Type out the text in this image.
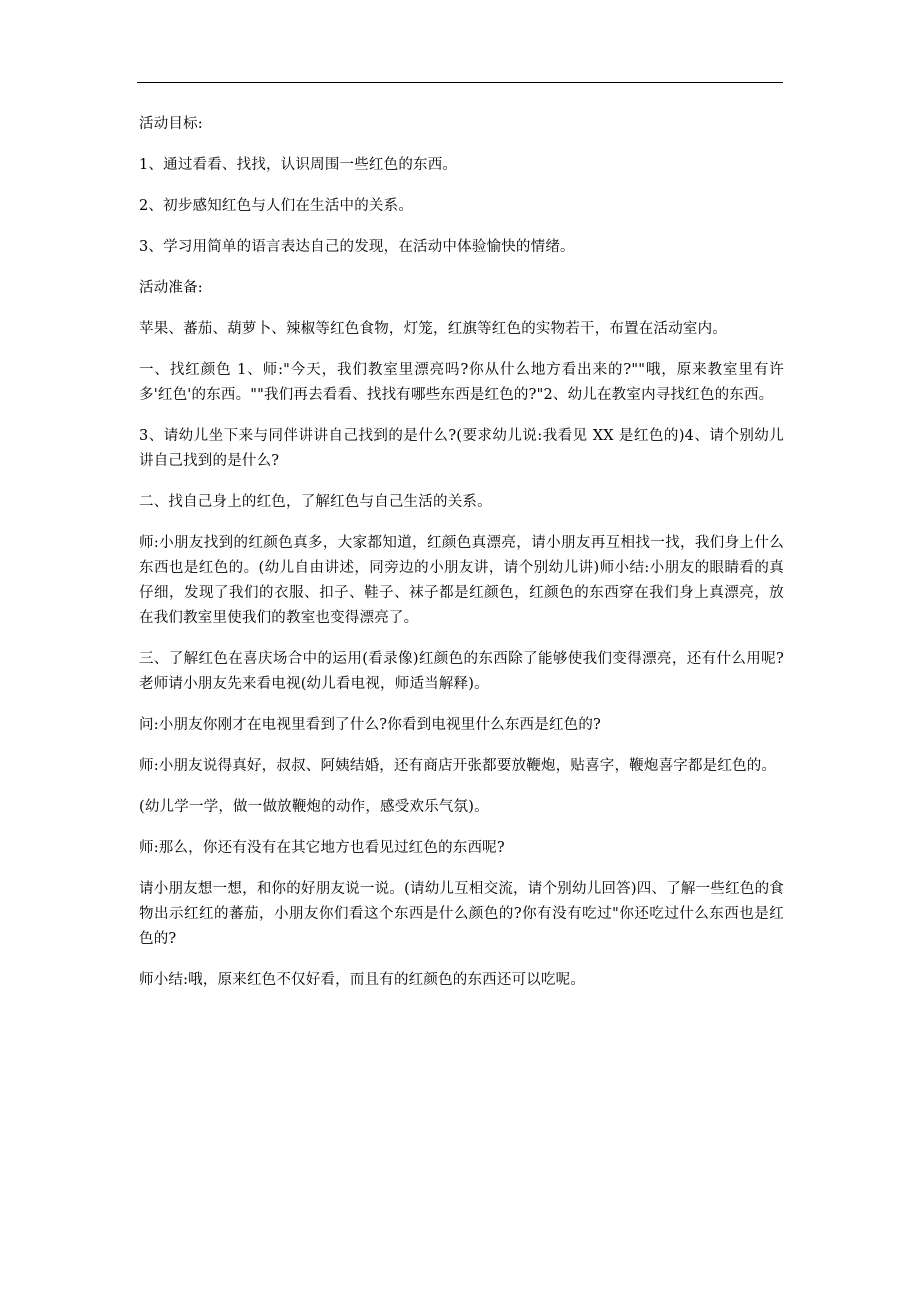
活动目标:

1、通过看看、找找，认识周围一些红色的东西。

2、初步感知红色与人们在生活中的关系。

3、学习用简单的语言表达自己的发现，在活动中体验愉快的情绪。

活动准备:

苹果、蕃茄、葫萝卜、辣椒等红色食物，灯笼，红旗等红色的实物若干，布置在活动室内。

一、找红颜色 1、师:"今天，我们教室里漂亮吗?你从什么地方看出来的?""哦，原来教室里有许多'红色'的东西。""我们再去看看、找找有哪些东西是红色的?"2、幼儿在教室内寻找红色的东西。

3、请幼儿坐下来与同伴讲讲自己找到的是什么?(要求幼儿说:我看见 XX 是红色的)4、请个别幼儿讲自己找到的是什么?

二、找自己身上的红色，了解红色与自己生活的关系。

师:小朋友找到的红颜色真多，大家都知道，红颜色真漂亮，请小朋友再互相找一找，我们身上什么东西也是红色的。(幼儿自由讲述，同旁边的小朋友讲，请个别幼儿讲)师小结:小朋友的眼睛看的真仔细，发现了我们的衣服、扣子、鞋子、袜子都是红颜色，红颜色的东西穿在我们身上真漂亮，放在我们教室里使我们的教室也变得漂亮了。

三、了解红色在喜庆场合中的运用(看录像)红颜色的东西除了能够使我们变得漂亮，还有什么用呢?老师请小朋友先来看电视(幼儿看电视，师适当解释)。

问:小朋友你刚才在电视里看到了什么?你看到电视里什么东西是红色的?

师:小朋友说得真好，叔叔、阿姨结婚，还有商店开张都要放鞭炮，贴喜字，鞭炮喜字都是红色的。

(幼儿学一学，做一做放鞭炮的动作，感受欢乐气氛)。

师:那么，你还有没有在其它地方也看见过红色的东西呢?

请小朋友想一想，和你的好朋友说一说。(请幼儿互相交流，请个别幼儿回答)四、了解一些红色的食物出示红红的蕃茄，小朋友你们看这个东西是什么颜色的?你有没有吃过"你还吃过什么东西也是红色的?

师小结:哦，原来红色不仅好看，而且有的红颜色的东西还可以吃呢。
